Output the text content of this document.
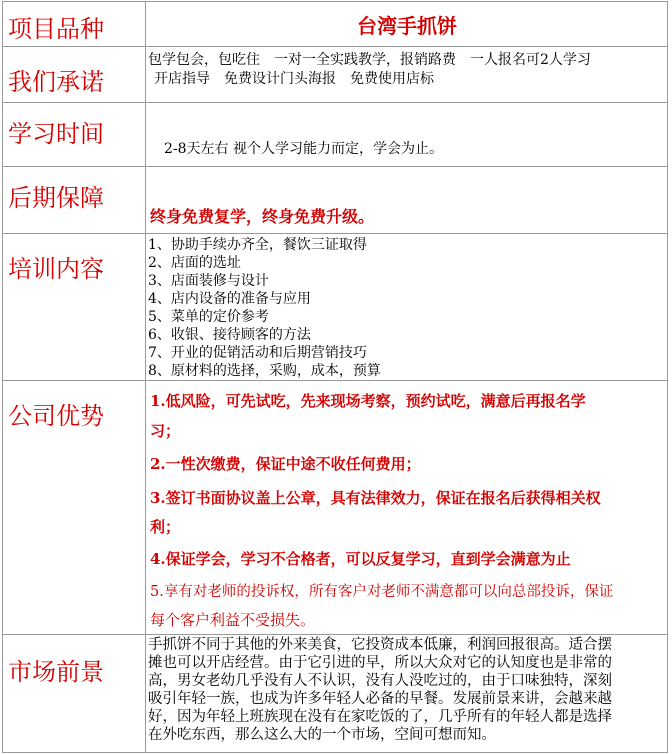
项目品种	台湾手抓饼
我们承诺
包学包会，包吃住　一对一全实践教学，报销路费　一人报名可2人学习
开店指导　免费设计门头海报　免费使用店标
学习时间
2-8天左右 视个人学习能力而定，学会为止。
后期保障
终身免费复学，终身免费升级。
培训内容
1、协助手续办齐全，餐饮三证取得
2、店面的选址
3、店面装修与设计
4、店内设备的准备与应用
5、菜单的定价参考
6、收银、接待顾客的方法
7、开业的促销活动和后期营销技巧
8、原材料的选择，采购，成本，预算
公司优势
1.低风险，可先试吃，先来现场考察，预约试吃，满意后再报名学
习；
2.一性次缴费，保证中途不收任何费用；
3.签订书面协议盖上公章，具有法律效力，保证在报名后获得相关权
利；
4.保证学会，学习不合格者，可以反复学习，直到学会满意为止
5.享有对老师的投诉权，所有客户对老师不满意都可以向总部投诉，保证
每个客户利益不受损失。
市场前景
手抓饼不同于其他的外来美食，它投资成本低廉，利润回报很高。适合摆
摊也可以开店经营。由于它引进的早，所以大众对它的认知度也是非常的
高，男女老幼几乎没有人不认识，没有人没吃过的，由于口味独特，深刻
吸引年轻一族，也成为许多年轻人必备的早餐。发展前景来讲，会越来越
好，因为年轻上班族现在没有在家吃饭的了，几乎所有的年轻人都是选择
在外吃东西，那么这么大的一个市场，空间可想而知。
